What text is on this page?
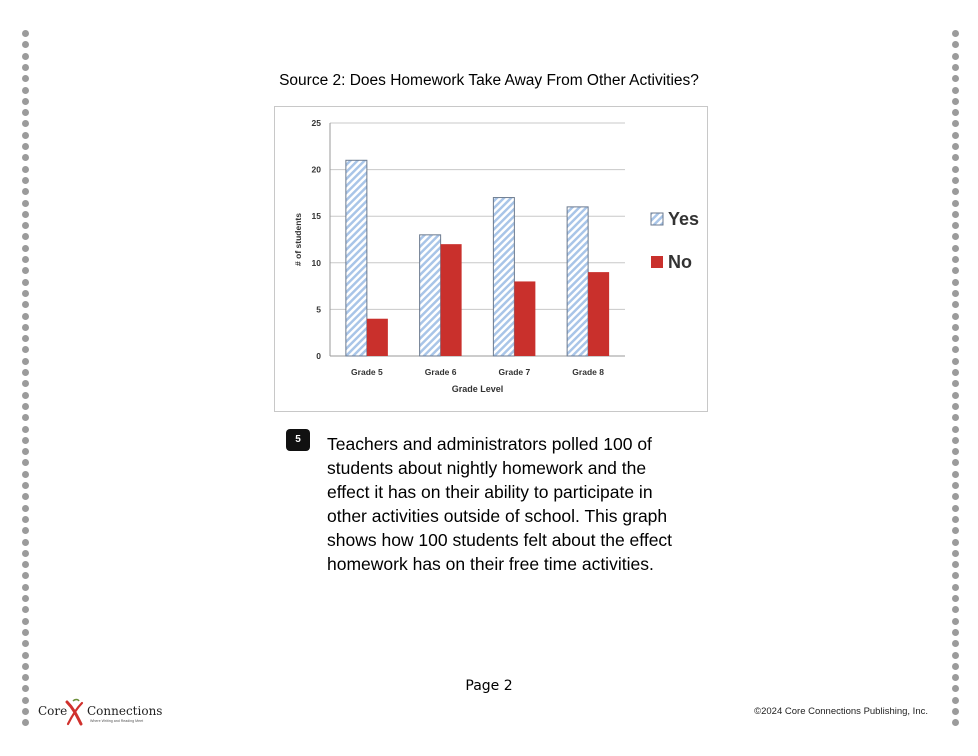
Source 2: Does Homework Take Away From Other Activities?
0
5
10
15
20
25
Grade 5	Grade 6	Grade 7	Grade 8
Grade Level
# of students	Yes
No
5	Teachers and administrators polled 100 of students about nightly homework and the effect it has on their ability to participate in other activities outside of school. This graph shows how 100 students felt about the effect homework has on their free time activities.
Page 2
Core Connections
Where Writing and Reading Meet
©2024 Core Connections Publishing, Inc.
